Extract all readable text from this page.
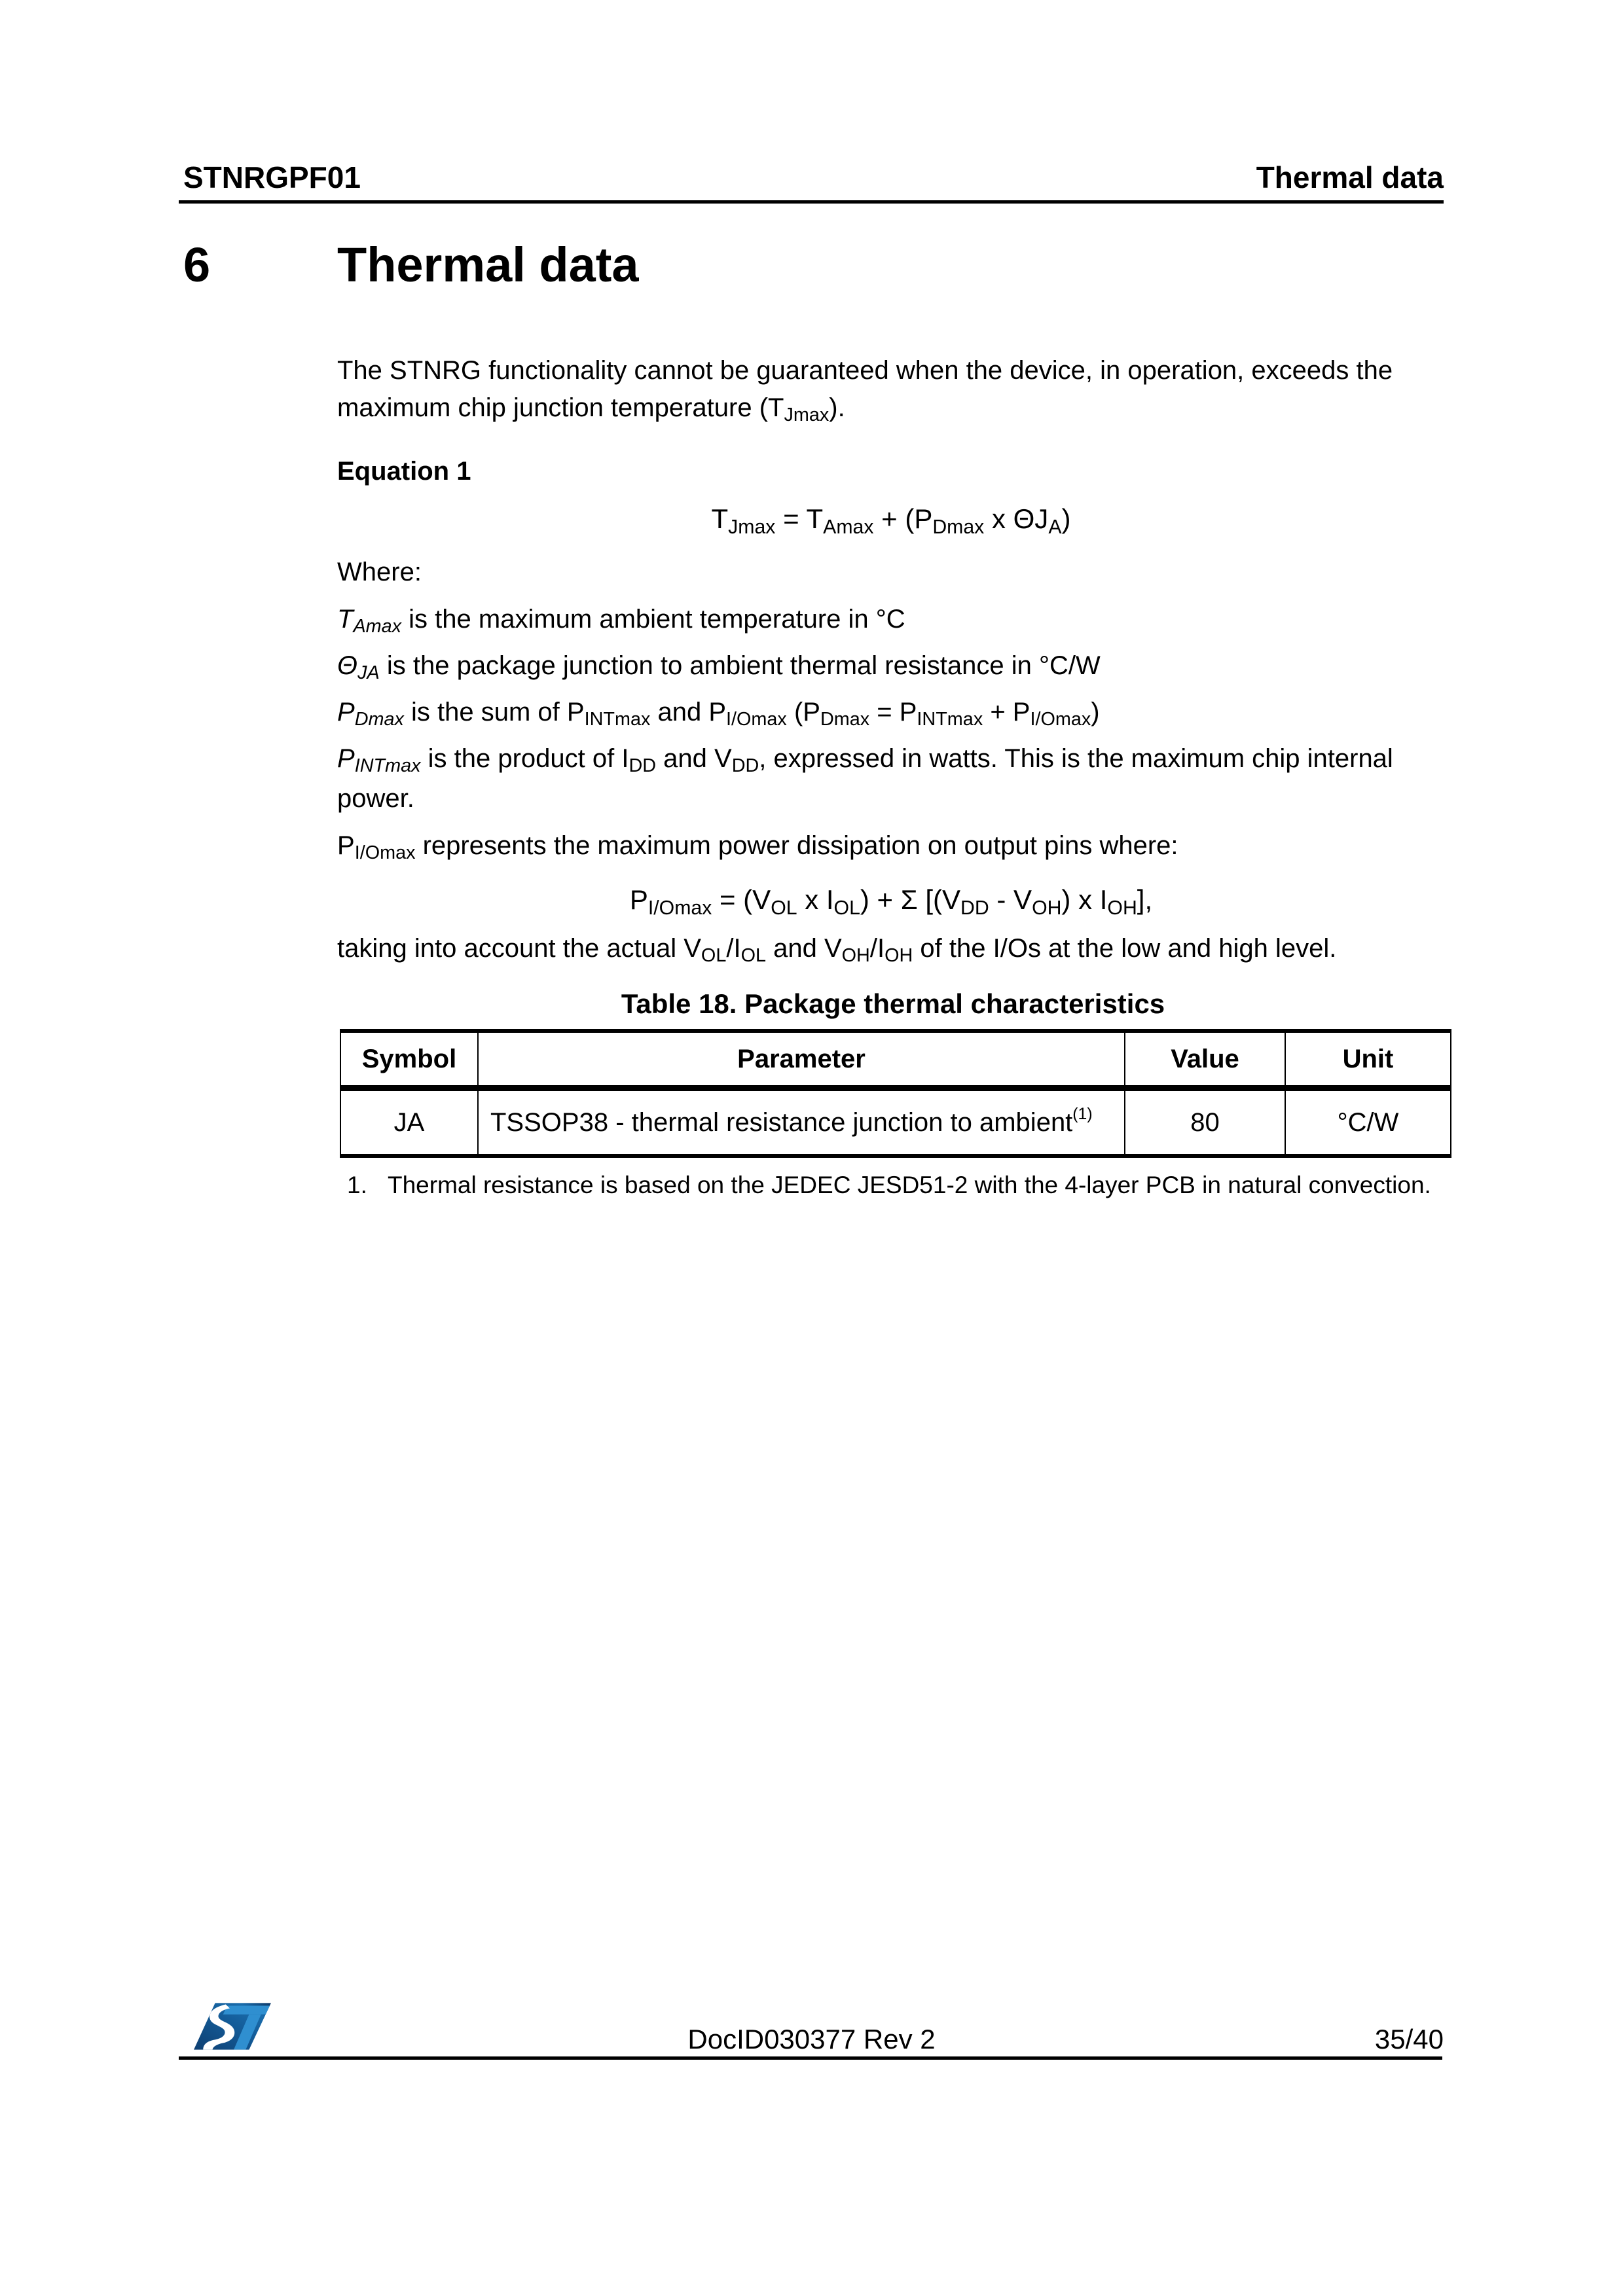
STNRGPF01	Thermal data
6	Thermal data
The STNRG functionality cannot be guaranteed when the device, in operation, exceeds the maximum chip junction temperature (TJmax).
Equation 1
TJmax = TAmax + (PDmax x ΘJA)
Where:
TAmax is the maximum ambient temperature in °C
ΘJA is the package junction to ambient thermal resistance in °C/W
PDmax is the sum of PINTmax and PI/Omax (PDmax = PINTmax + PI/Omax)
PINTmax is the product of IDD and VDD, expressed in watts. This is the maximum chip internal power.
PI/Omax represents the maximum power dissipation on output pins where:
PI/Omax = (VOL x IOL) + Σ [(VDD - VOH) x IOH],
taking into account the actual VOL/IOL and VOH/IOH of the I/Os at the low and high level.
Table 18. Package thermal characteristics
Symbol	Parameter	Value	Unit
JA	TSSOP38 - thermal resistance junction to ambient (1)	80	°C/W
1. Thermal resistance is based on the JEDEC JESD51-2 with the 4-layer PCB in natural convection.
DocID030377 Rev 2	35/40
